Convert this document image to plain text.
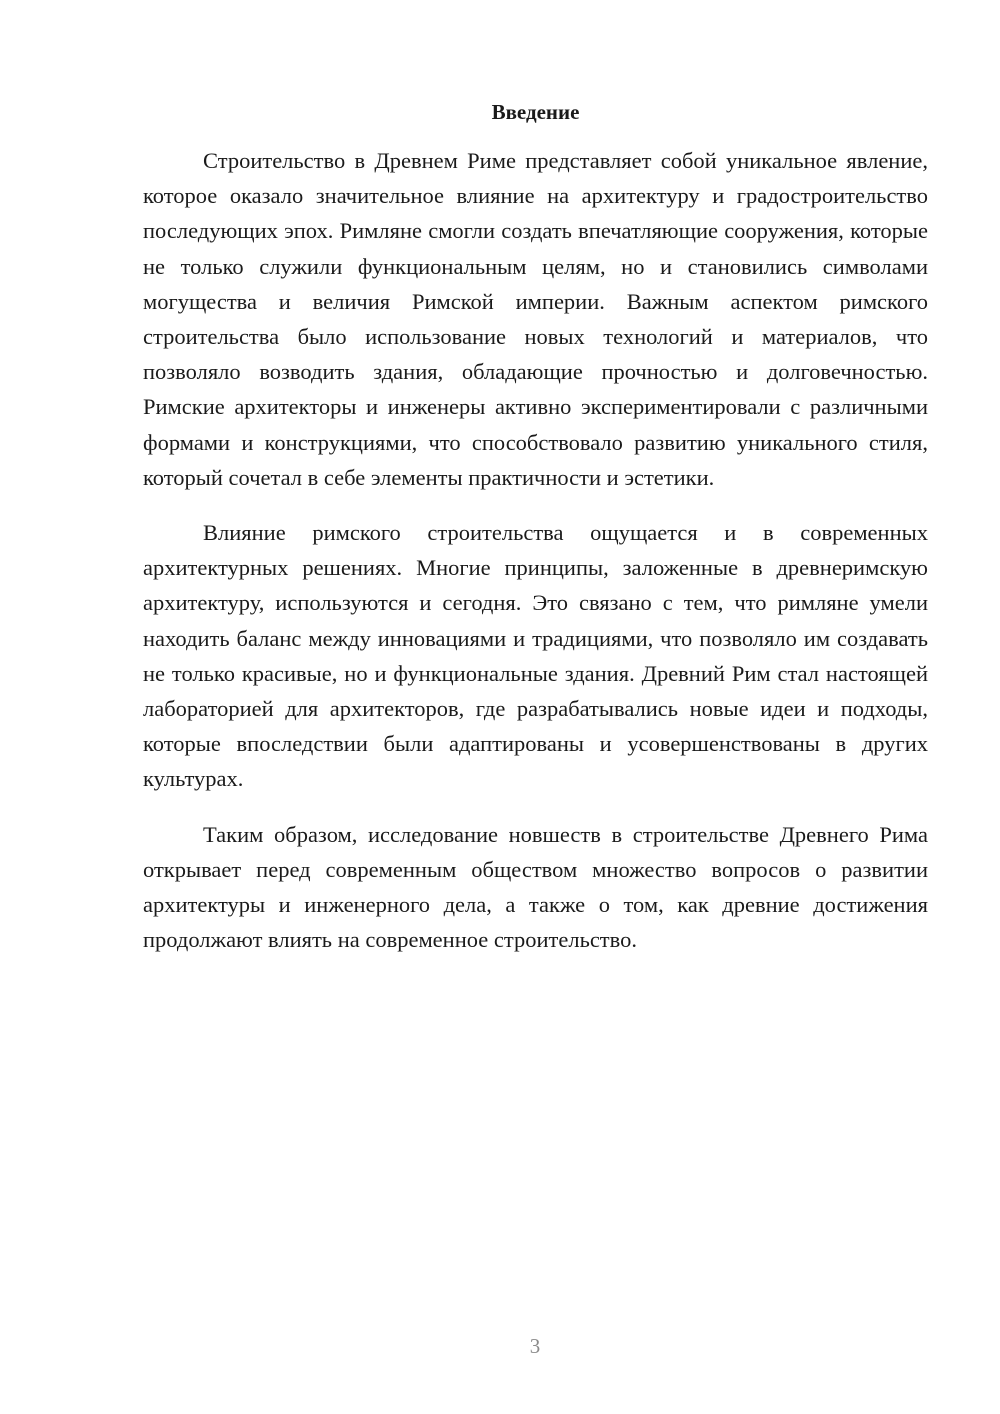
Введение

Строительство в Древнем Риме представляет собой уникальное явление, которое оказало значительное влияние на архитектуру и градостроительство последующих эпох. Римляне смогли создать впечатляющие сооружения, которые не только служили функциональным целям, но и становились символами могущества и величия Римской империи. Важным аспектом римского строительства было использование новых технологий и материалов, что позволяло возводить здания, обладающие прочностью и долговечностью. Римские архитекторы и инженеры активно экспериментировали с различными формами и конструкциями, что способствовало развитию уникального стиля, который сочетал в себе элементы практичности и эстетики.

Влияние римского строительства ощущается и в современных архитектурных решениях. Многие принципы, заложенные в древнеримскую архитектуру, используются и сегодня. Это связано с тем, что римляне умели находить баланс между инновациями и традициями, что позволяло им создавать не только красивые, но и функциональные здания. Древний Рим стал настоящей лабораторией для архитекторов, где разрабатывались новые идеи и подходы, которые впоследствии были адаптированы и усовершенствованы в других культурах.

Таким образом, исследование новшеств в строительстве Древнего Рима открывает перед современным обществом множество вопросов о развитии архитектуры и инженерного дела, а также о том, как древние достижения продолжают влиять на современное строительство.

3
